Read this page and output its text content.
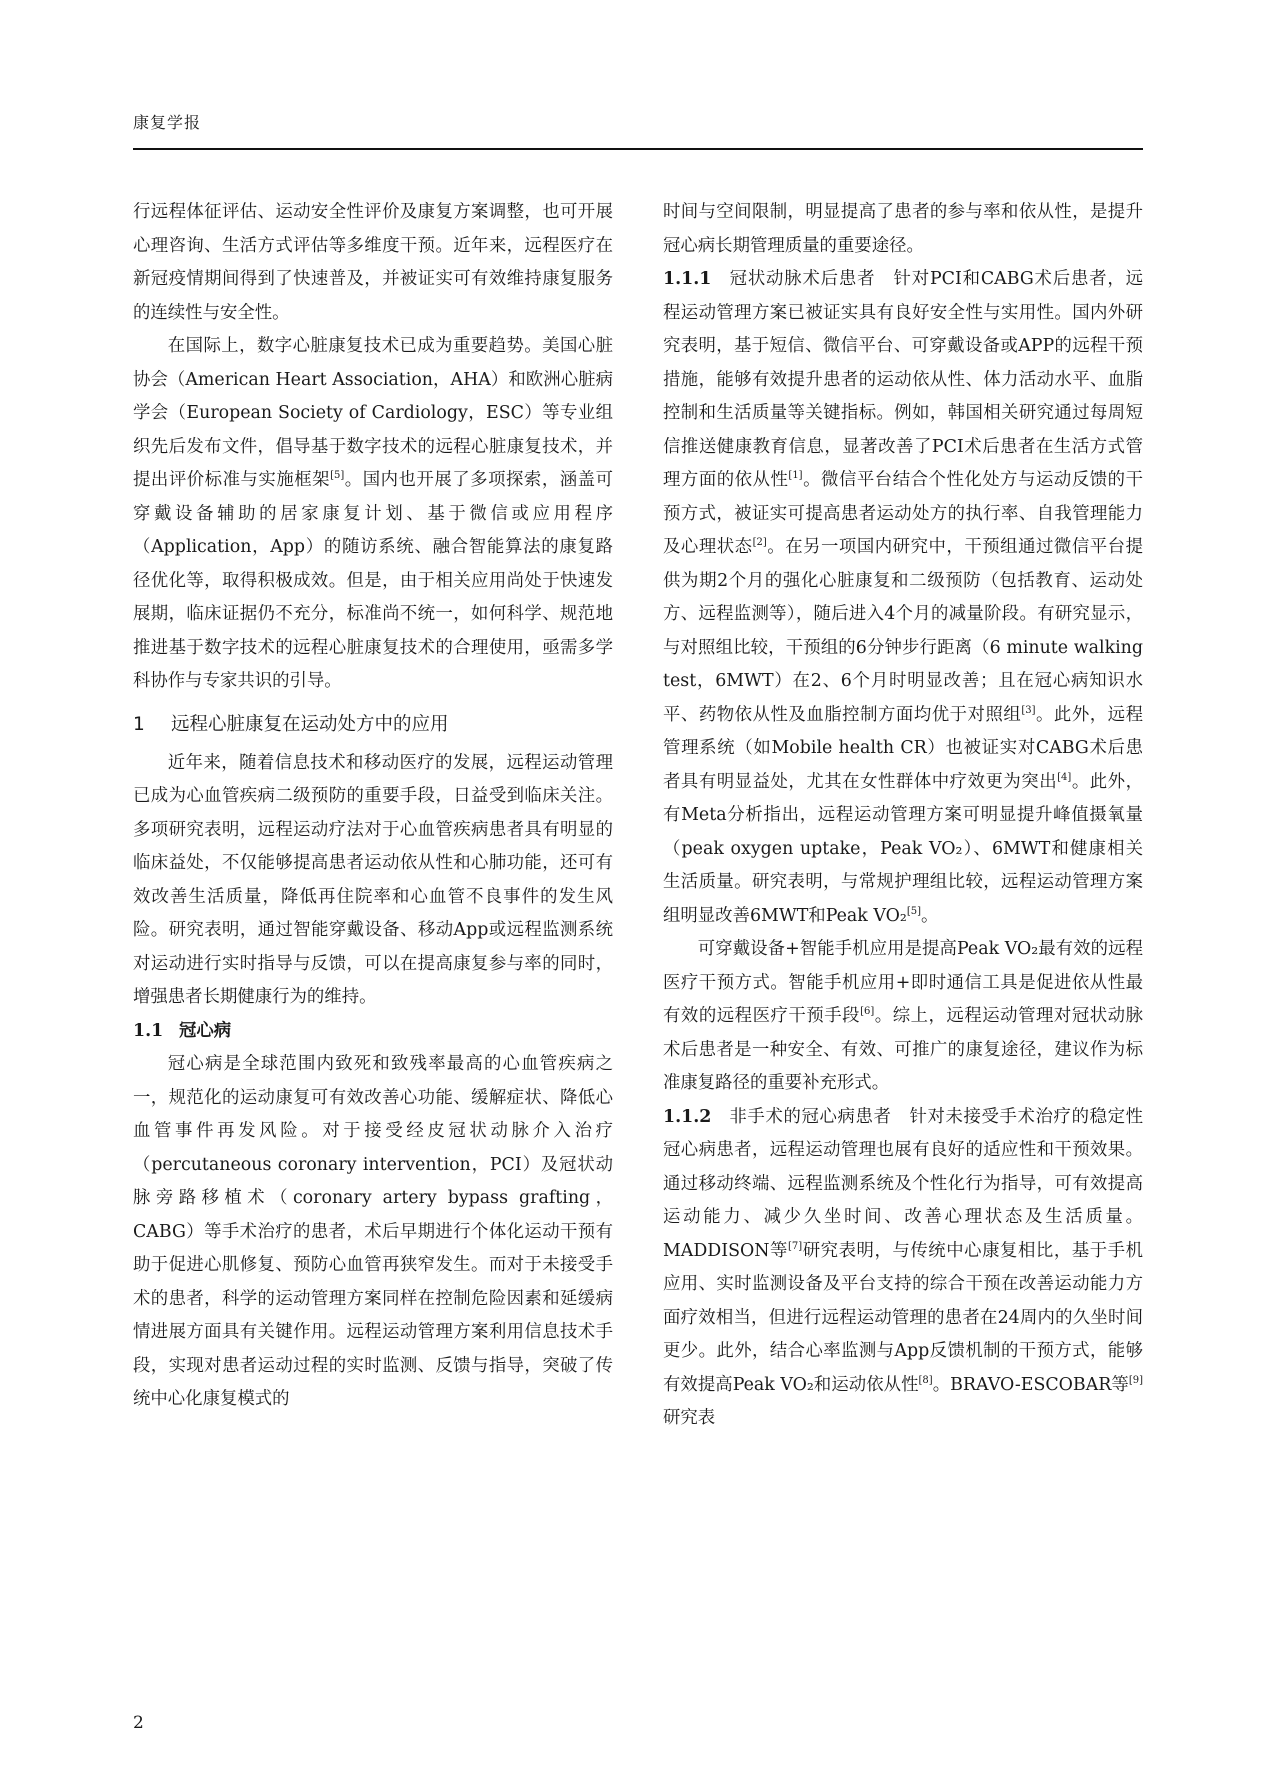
康复学报

行远程体征评估、运动安全性评价及康复方案调整，也可开展心理咨询、生活方式评估等多维度干预。近年来，远程医疗在新冠疫情期间得到了快速普及，并被证实可有效维持康复服务的连续性与安全性。

在国际上，数字心脏康复技术已成为重要趋势。美国心脏协会（American Heart Association，AHA）和欧洲心脏病学会（European Society of Cardiology，ESC）等专业组织先后发布文件，倡导基于数字技术的远程心脏康复技术，并提出评价标准与实施框架[5]。国内也开展了多项探索，涵盖可穿戴设备辅助的居家康复计划、基于微信或应用程序（Application，App）的随访系统、融合智能算法的康复路径优化等，取得积极成效。但是，由于相关应用尚处于快速发展期，临床证据仍不充分，标准尚不统一，如何科学、规范地推进基于数字技术的远程心脏康复技术的合理使用，亟需多学科协作与专家共识的引导。

1 远程心脏康复在运动处方中的应用

近年来，随着信息技术和移动医疗的发展，远程运动管理已成为心血管疾病二级预防的重要手段，日益受到临床关注。多项研究表明，远程运动疗法对于心血管疾病患者具有明显的临床益处，不仅能够提高患者运动依从性和心肺功能，还可有效改善生活质量，降低再住院率和心血管不良事件的发生风险。研究表明，通过智能穿戴设备、移动App或远程监测系统对运动进行实时指导与反馈，可以在提高康复参与率的同时，增强患者长期健康行为的维持。

1.1 冠心病

冠心病是全球范围内致死和致残率最高的心血管疾病之一，规范化的运动康复可有效改善心功能、缓解症状、降低心血管事件再发风险。对于接受经皮冠状动脉介入治疗（percutaneous coronary intervention，PCI）及冠状动脉旁路移植术（coronary artery bypass grafting，CABG）等手术治疗的患者，术后早期进行个体化运动干预有助于促进心肌修复、预防心血管再狭窄发生。而对于未接受手术的患者，科学的运动管理方案同样在控制危险因素和延缓病情进展方面具有关键作用。远程运动管理方案利用信息技术手段，实现对患者运动过程的实时监测、反馈与指导，突破了传统中心化康复模式的

时间与空间限制，明显提高了患者的参与率和依从性，是提升冠心病长期管理质量的重要途径。

1.1.1  冠状动脉术后患者  针对PCI和CABG术后患者，远程运动管理方案已被证实具有良好安全性与实用性。国内外研究表明，基于短信、微信平台、可穿戴设备或APP的远程干预措施，能够有效提升患者的运动依从性、体力活动水平、血脂控制和生活质量等关键指标。例如，韩国相关研究通过每周短信推送健康教育信息，显著改善了PCI术后患者在生活方式管理方面的依从性[1]。微信平台结合个性化处方与运动反馈的干预方式，被证实可提高患者运动处方的执行率、自我管理能力及心理状态[2]。在另一项国内研究中，干预组通过微信平台提供为期2个月的强化心脏康复和二级预防（包括教育、运动处方、远程监测等），随后进入4个月的减量阶段。有研究显示，与对照组比较，干预组的6分钟步行距离（6 minute walking test，6MWT）在2、6个月时明显改善；且在冠心病知识水平、药物依从性及血脂控制方面均优于对照组[3]。此外，远程管理系统（如Mobile health CR）也被证实对CABG术后患者具有明显益处，尤其在女性群体中疗效更为突出[4]。此外，有Meta分析指出，远程运动管理方案可明显提升峰值摄氧量（peak oxygen uptake，Peak VO₂）、6MWT和健康相关生活质量。研究表明，与常规护理组比较，远程运动管理方案组明显改善6MWT和Peak VO₂[5]。

可穿戴设备+智能手机应用是提高Peak VO₂最有效的远程医疗干预方式。智能手机应用+即时通信工具是促进依从性最有效的远程医疗干预手段[6]。综上，远程运动管理对冠状动脉术后患者是一种安全、有效、可推广的康复途径，建议作为标准康复路径的重要补充形式。

1.1.2  非手术的冠心病患者  针对未接受手术治疗的稳定性冠心病患者，远程运动管理也展有良好的适应性和干预效果。通过移动终端、远程监测系统及个性化行为指导，可有效提高运动能力、减少久坐时间、改善心理状态及生活质量。MADDISON等[7]研究表明，与传统中心康复相比，基于手机应用、实时监测设备及平台支持的综合干预在改善运动能力方面疗效相当，但进行远程运动管理的患者在24周内的久坐时间更少。此外，结合心率监测与App反馈机制的干预方式，能够有效提高Peak VO₂和运动依从性[8]。BRAVO-ESCOBAR等[9]研究表

2
